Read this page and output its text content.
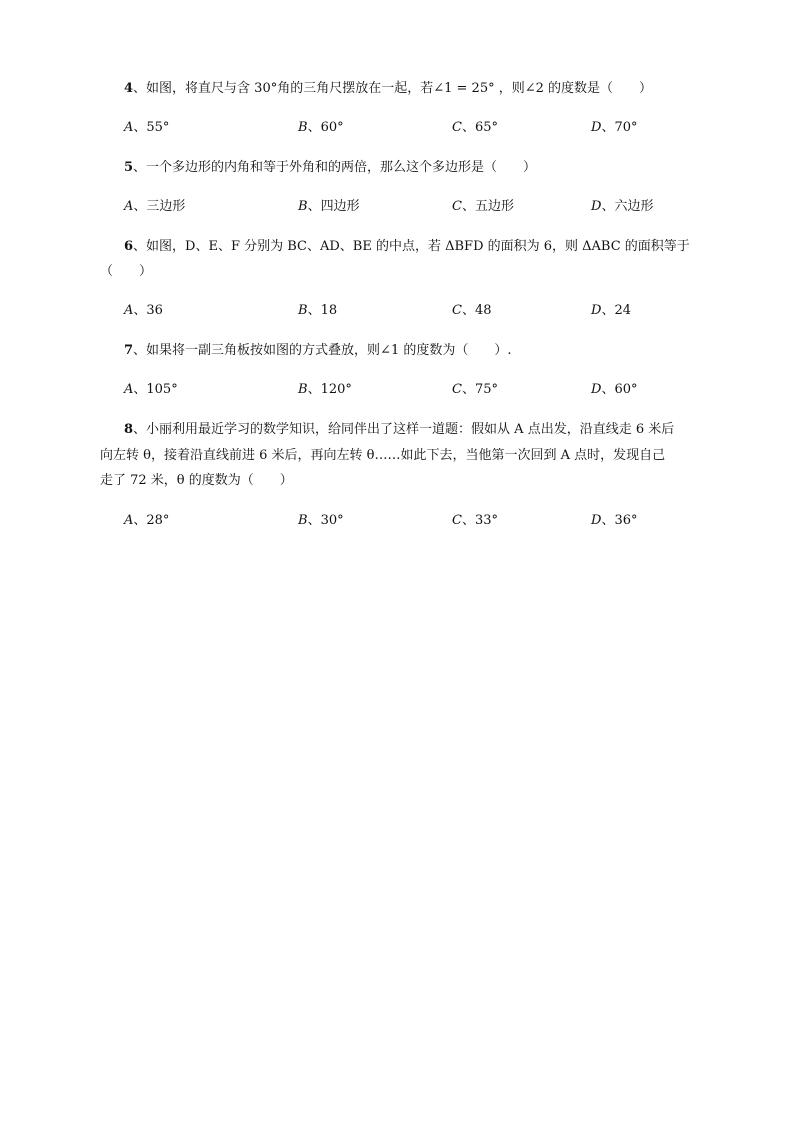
4、如图，将直尺与含 30°角的三角尺摆放在一起，若∠1 = 25° ，则∠2 的度数是（　　）
A、55°	B、60°	C、65°	D、70°
5、一个多边形的内角和等于外角和的两倍，那么这个多边形是（　　）
A、三边形	B、四边形	C、五边形	D、六边形
6、如图，D、E、F 分别为 BC、AD、BE 的中点，若 ΔBFD 的面积为 6，则 ΔABC 的面积等于
（　　）
A、36	B、18	C、48	D、24
7、如果将一副三角板按如图的方式叠放，则∠1 的度数为（　　）.
A、105°	B、120°	C、75°	D、60°
8、小丽利用最近学习的数学知识，给同伴出了这样一道题：假如从 A 点出发，沿直线走 6 米后
向左转 θ，接着沿直线前进 6 米后，再向左转 θ……如此下去，当他第一次回到 A 点时，发现自己
走了 72 米，θ 的度数为（　　）
A、28°	B、30°	C、33°	D、36°
